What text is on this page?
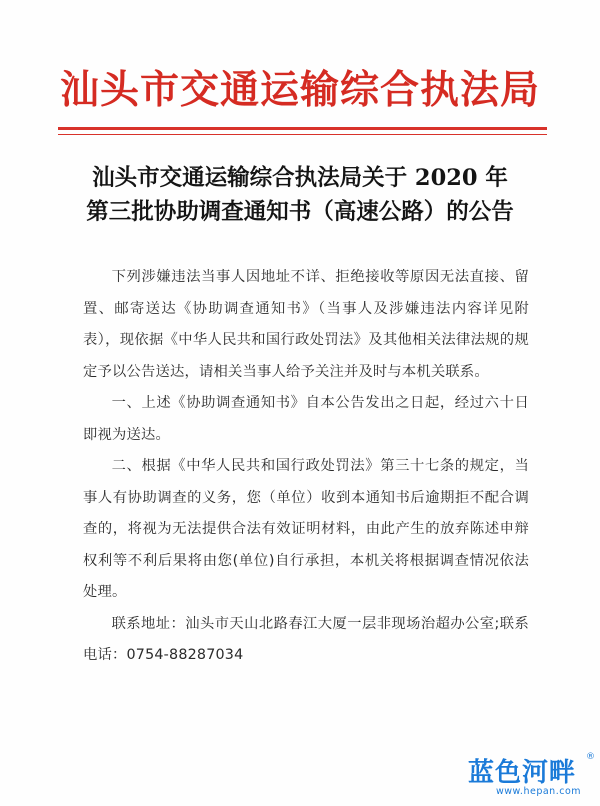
汕头市交通运输综合执法局
汕头市交通运输综合执法局关于 2020 年
第三批协助调查通知书（高速公路）的公告

下列涉嫌违法当事人因地址不详、拒绝接收等原因无法直接、留置、邮寄送达《协助调查通知书》（当事人及涉嫌违法内容详见附表），现依据《中华人民共和国行政处罚法》及其他相关法律法规的规定予以公告送达，请相关当事人给予关注并及时与本机关联系。

一、上述《协助调查通知书》自本公告发出之日起，经过六十日即视为送达。

二、根据《中华人民共和国行政处罚法》第三十七条的规定，当事人有协助调查的义务，您（单位）收到本通知书后逾期拒不配合调查的，将视为无法提供合法有效证明材料，由此产生的放弃陈述申辩权利等不利后果将由您(单位)自行承担，本机关将根据调查情况依法处理。

联系地址：汕头市天山北路春江大厦一层非现场治超办公室;联系电话：0754-88287034

蓝色河畔
®
www.hepan.com
